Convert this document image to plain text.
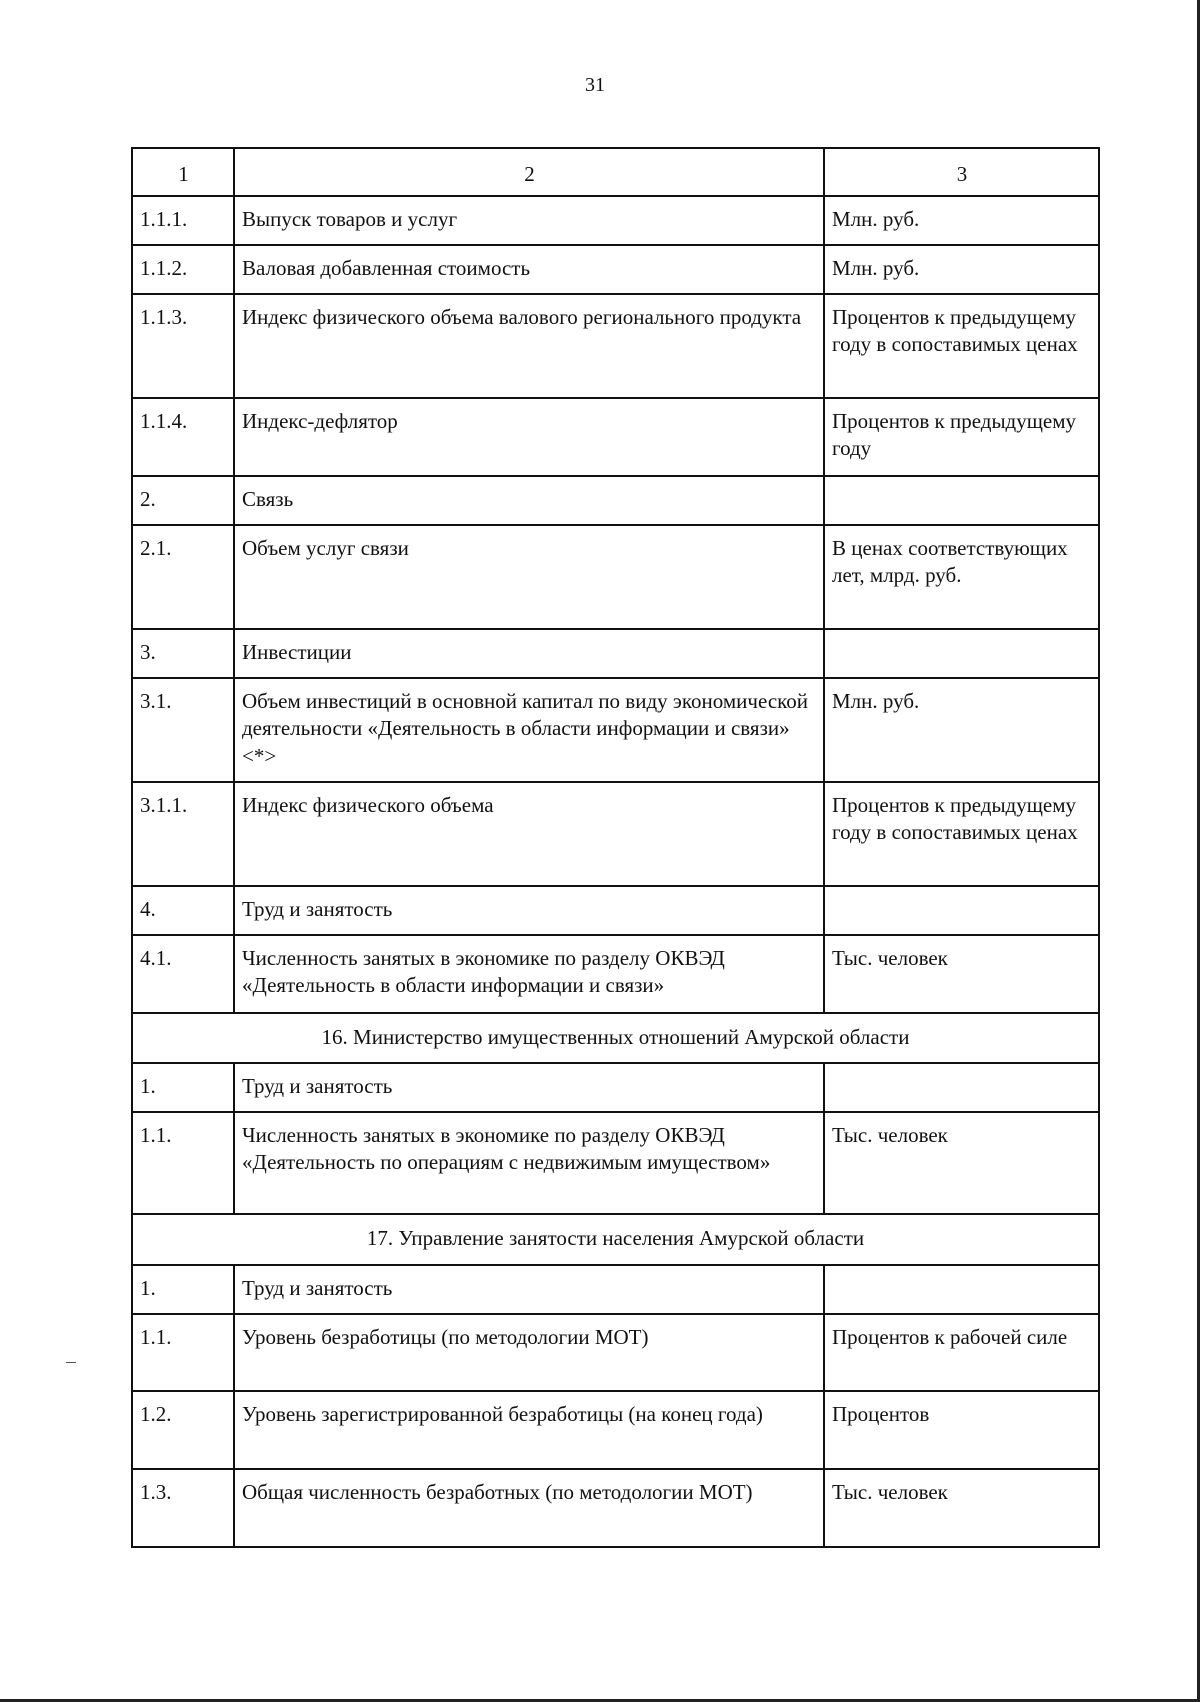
31
1	2	3
1.1.1.	Выпуск товаров и услуг	Млн. руб.
1.1.2.	Валовая добавленная стоимость	Млн. руб.
1.1.3.	Индекс физического объема валового регионального продукта	Процентов к предыдущему году в сопоставимых ценах
1.1.4.	Индекс-дефлятор	Процентов к предыдущему году
2.	Связь	
2.1.	Объем услуг связи	В ценах соответствующих лет, млрд. руб.
3.	Инвестиции	
3.1.	Объем инвестиций в основной капитал по виду экономической деятельности «Деятельность в области информации и связи» <*>	Млн. руб.
3.1.1.	Индекс физического объема	Процентов к предыдущему году в сопоставимых ценах
4.	Труд и занятость	
4.1.	Численность занятых в экономике по разделу ОКВЭД «Деятельность в области информации и связи»	Тыс. человек
16. Министерство имущественных отношений Амурской области		
1.	Труд и занятость	
1.1.	Численность занятых в экономике по разделу ОКВЭД «Деятельность по операциям с недвижимым имуществом»	Тыс. человек
17. Управление занятости населения Амурской области		
1.	Труд и занятость	
1.1.	Уровень безработицы (по методологии МОТ)	Процентов к рабочей силе
1.2.	Уровень зарегистрированной безработицы (на конец года)	Процентов
1.3.	Общая численность безработных (по методологии МОТ)	Тыс. человек
